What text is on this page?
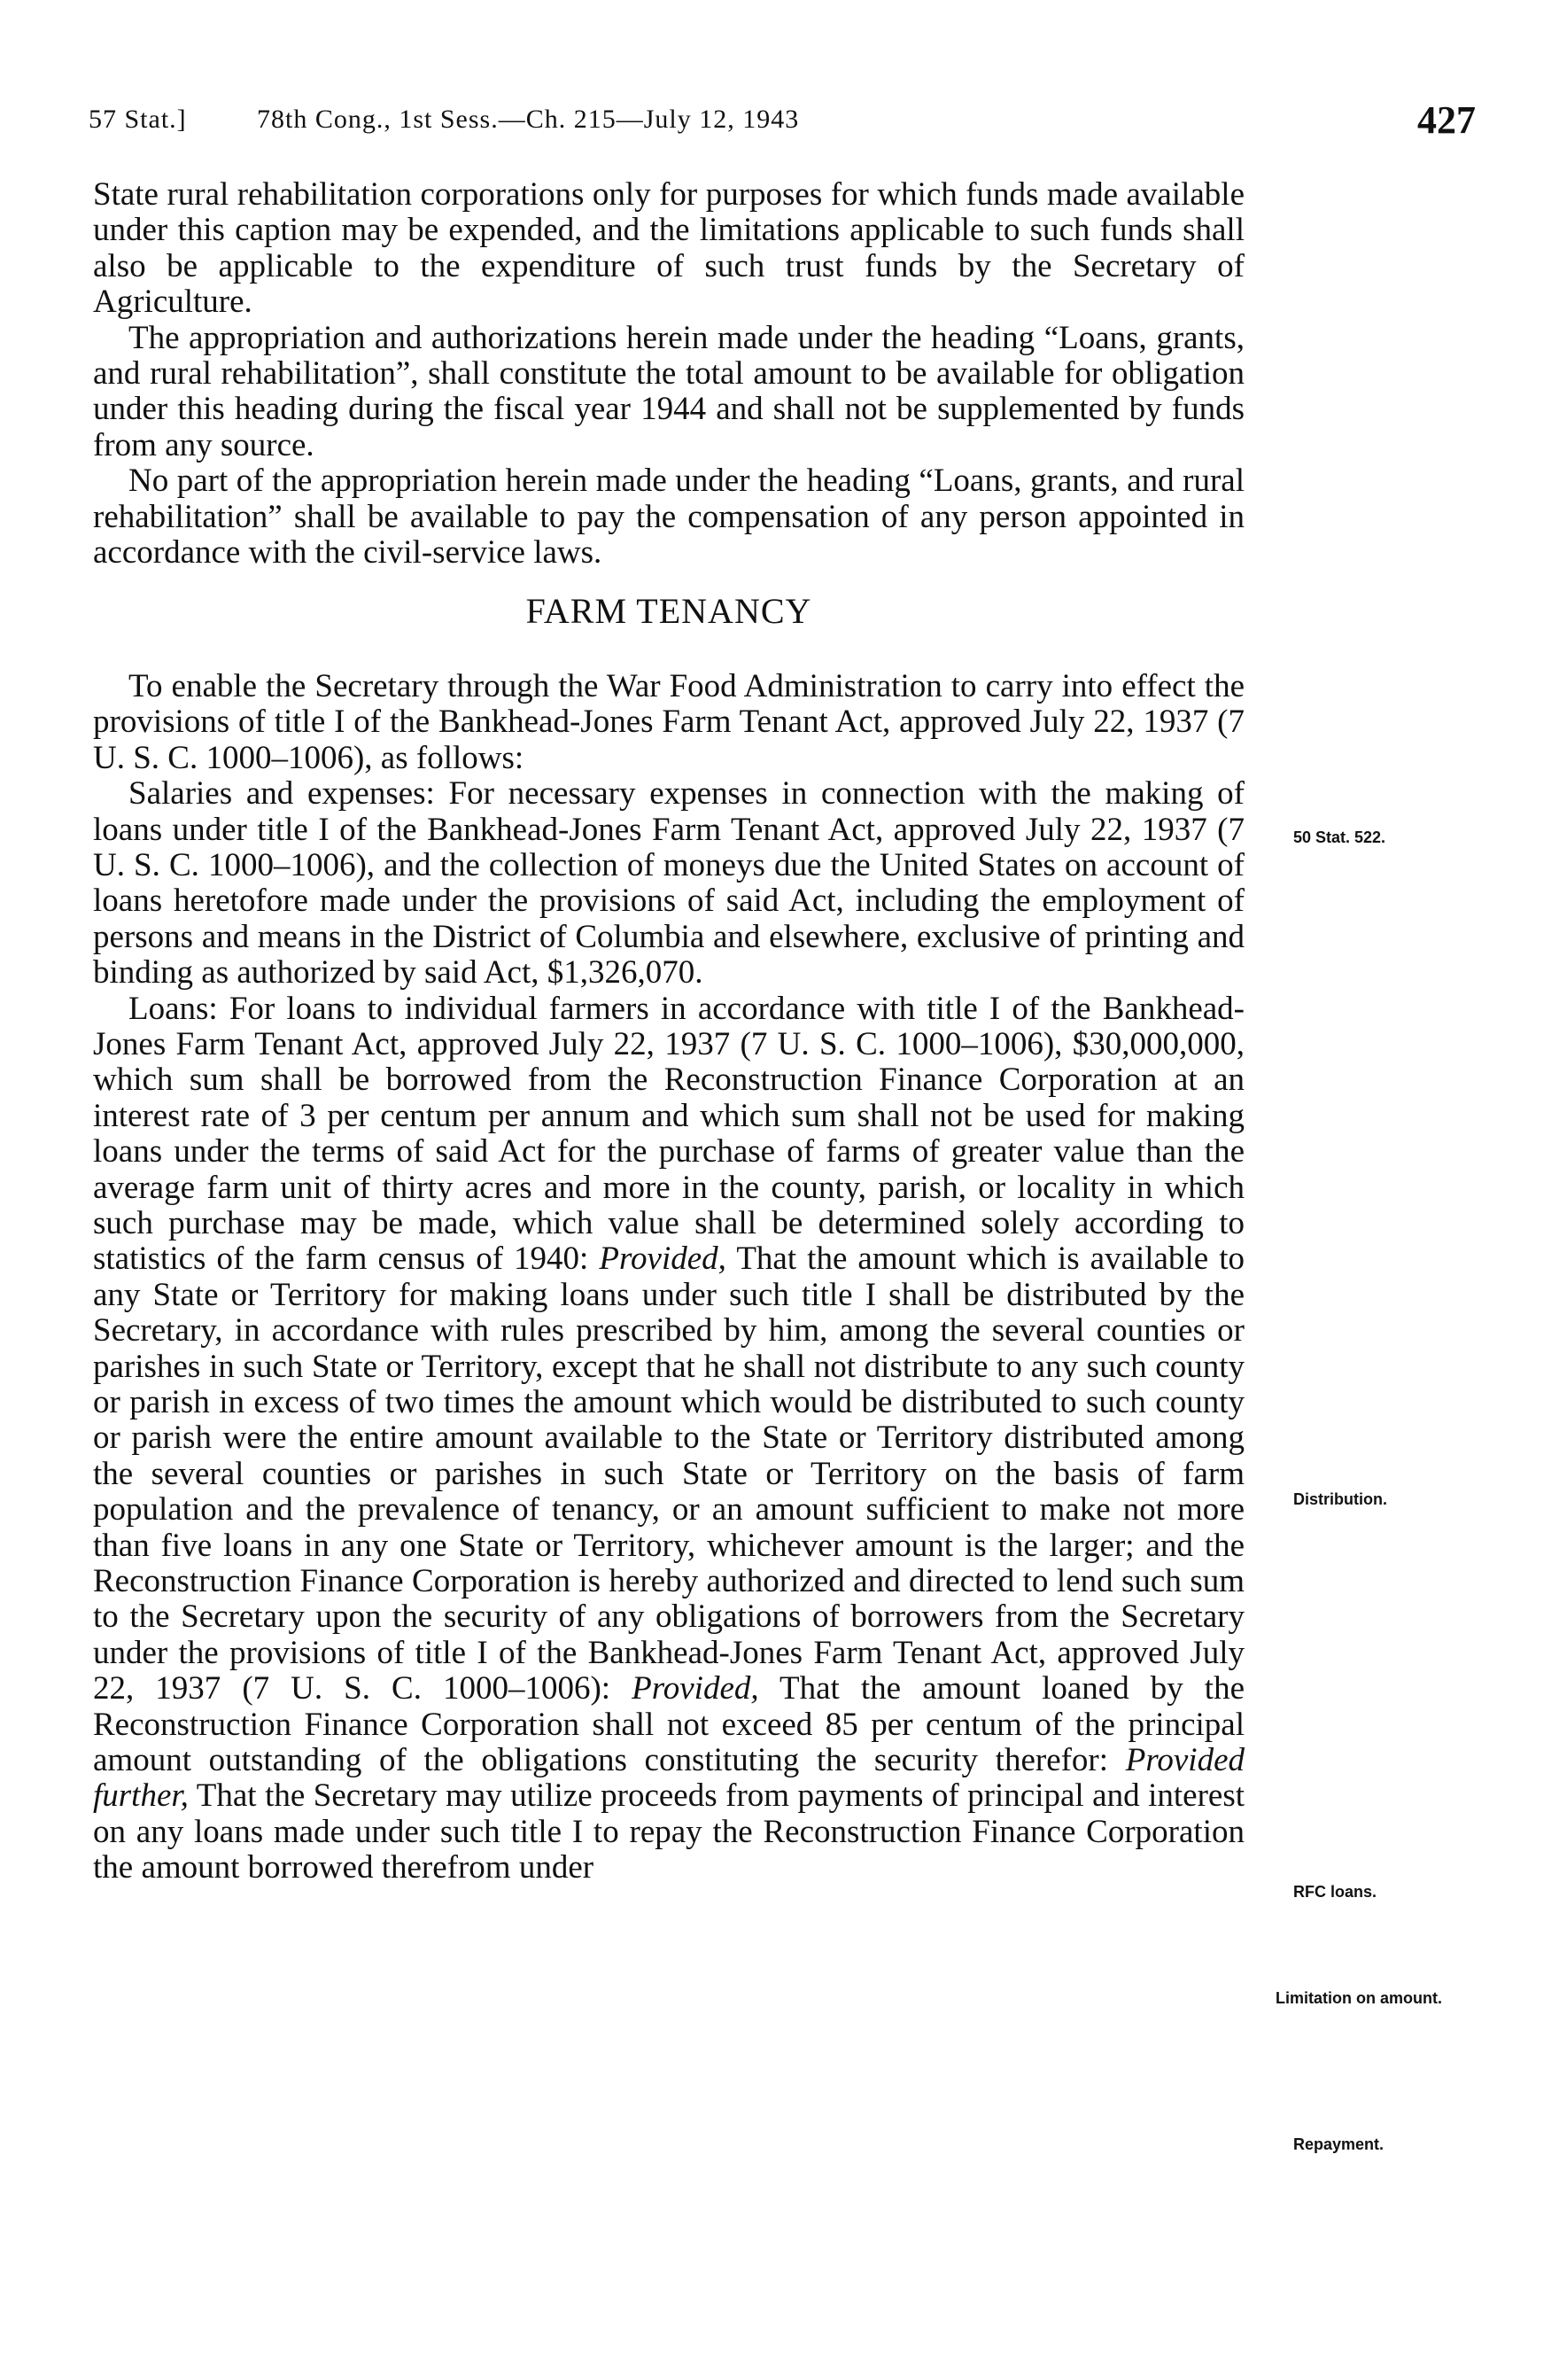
57 Stat.]	78th Cong., 1st Sess.—Ch. 215—July 12, 1943	427

State rural rehabilitation corporations only for purposes for which funds made available under this caption may be expended, and the limitations applicable to such funds shall also be applicable to the expenditure of such trust funds by the Secretary of Agriculture.

The appropriation and authorizations herein made under the heading “Loans, grants, and rural rehabilitation”, shall constitute the total amount to be available for obligation under this heading during the fiscal year 1944 and shall not be supplemented by funds from any source.

No part of the appropriation herein made under the heading “Loans, grants, and rural rehabilitation” shall be available to pay the compensation of any person appointed in accordance with the civil-service laws.

FARM TENANCY

To enable the Secretary through the War Food Administration to carry into effect the provisions of title I of the Bankhead-Jones Farm Tenant Act, approved July 22, 1937 (7 U. S. C. 1000–1006), as follows:

Salaries and expenses: For necessary expenses in connection with the making of loans under title I of the Bankhead-Jones Farm Tenant Act, approved July 22, 1937 (7 U. S. C. 1000–1006), and the collection of moneys due the United States on account of loans heretofore made under the provisions of said Act, including the employment of persons and means in the District of Columbia and elsewhere, exclusive of printing and binding as authorized by said Act, $1,326,070.

Loans: For loans to individual farmers in accordance with title I of the Bankhead-Jones Farm Tenant Act, approved July 22, 1937 (7 U. S. C. 1000–1006), $30,000,000, which sum shall be borrowed from the Reconstruction Finance Corporation at an interest rate of 3 per centum per annum and which sum shall not be used for making loans under the terms of said Act for the purchase of farms of greater value than the average farm unit of thirty acres and more in the county, parish, or locality in which such purchase may be made, which value shall be determined solely according to statistics of the farm census of 1940: Provided, That the amount which is available to any State or Territory for making loans under such title I shall be distributed by the Secretary, in accordance with rules prescribed by him, among the several counties or parishes in such State or Territory, except that he shall not distribute to any such county or parish in excess of two times the amount which would be distributed to such county or parish were the entire amount available to the State or Territory distributed among the several counties or parishes in such State or Territory on the basis of farm population and the prevalence of tenancy, or an amount sufficient to make not more than five loans in any one State or Territory, whichever amount is the larger; and the Reconstruction Finance Corporation is hereby authorized and directed to lend such sum to the Secretary upon the security of any obligations of borrowers from the Secretary under the provisions of title I of the Bankhead-Jones Farm Tenant Act, approved July 22, 1937 (7 U. S. C. 1000–1006): Provided, That the amount loaned by the Reconstruction Finance Corporation shall not exceed 85 per centum of the principal amount outstanding of the obligations constituting the security therefor: Provided further, That the Secretary may utilize proceeds from payments of principal and interest on any loans made under such title I to repay the Reconstruction Finance Corporation the amount borrowed therefrom under

50 Stat. 522.
Distribution.
RFC loans.
Limitation on amount.
Repayment.
